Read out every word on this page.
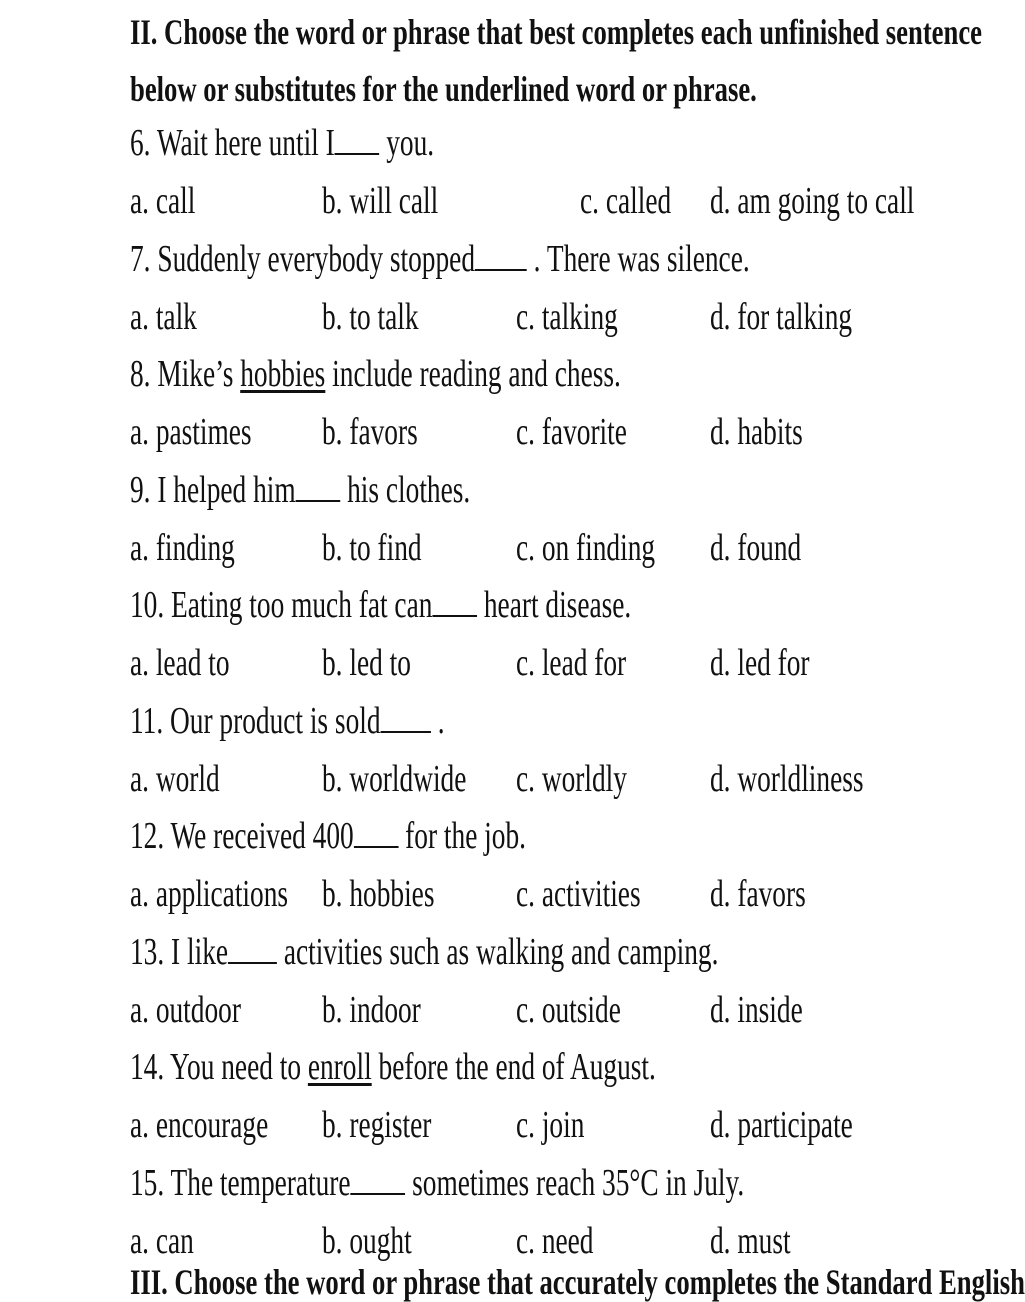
II. Choose the word or phrase that best completes each unfinished sentence
below or substitutes for the underlined word or phrase.
6. Wait here until I you.
a. call	b. will call	c. called d. am going to call
7. Suddenly everybody stopped . There was silence.
a. talk	b. to talk	c. talking d. for talking
8. Mike’s hobbies include reading and chess.
a. pastimes b. favors	c. favorite d. habits
9. I helped him his clothes.
a. finding b. to find c. on finding d. found
10. Eating too much fat can heart disease.
a. lead to b. led to	c. lead for d. led for
11. Our product is sold .
a. world	b. worldwide c. worldly d. worldliness
12. We received 400 for the job.
a. applications b. hobbies c. activities d. favors
13. I like activities such as walking and camping.
a. outdoor b. indoor	c. outside d. inside
14. You need to enroll before the end of August.
a. encourage b. register c. join	d. participate
15. The temperature sometimes reach 35°C in July.
a. can	b. ought	c. need	d. must
III. Choose the word or phrase that accurately completes the Standard English
